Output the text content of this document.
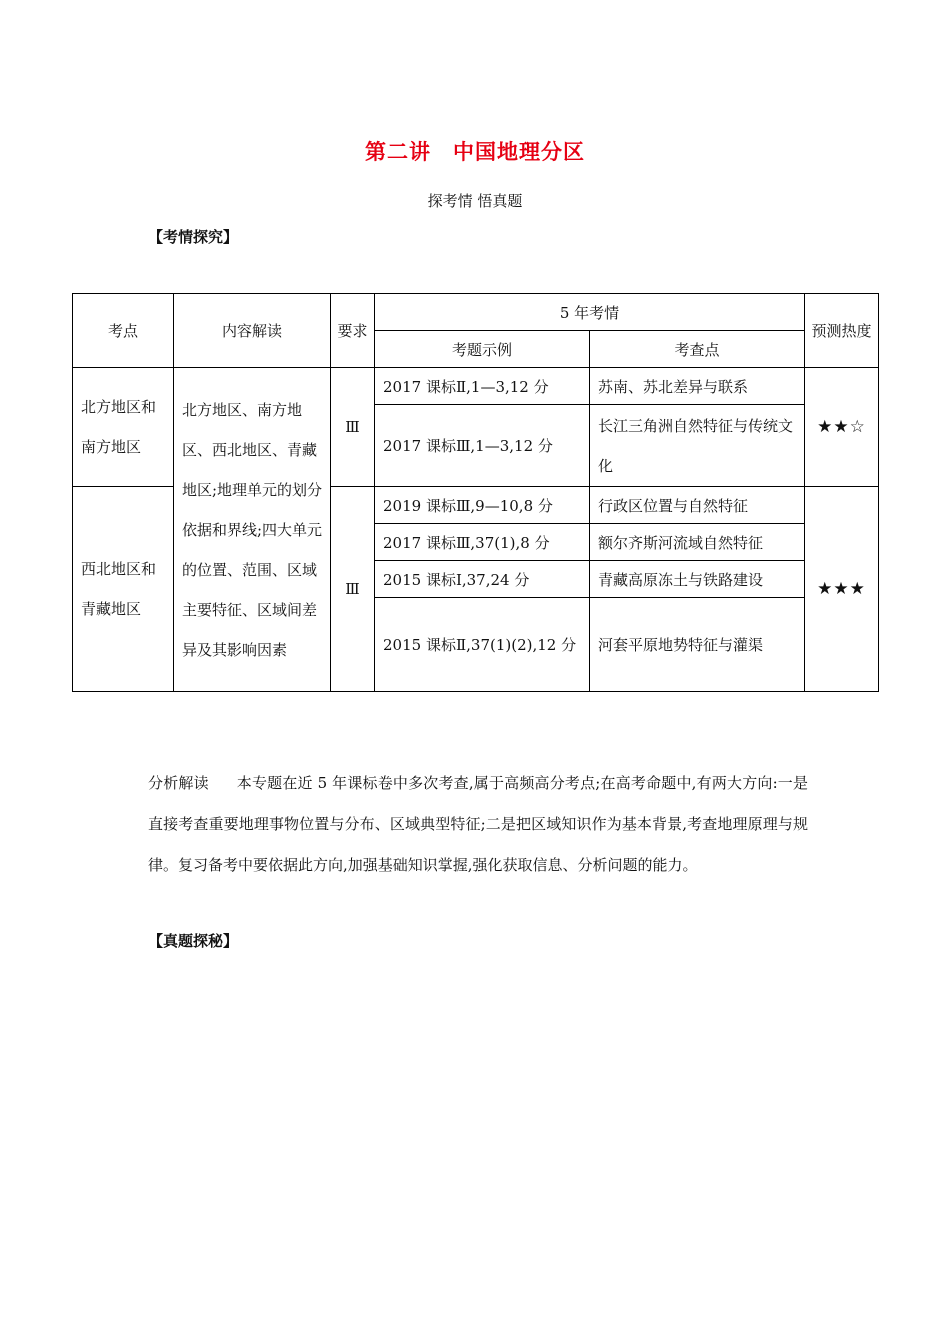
第二讲　中国地理分区
探考情 悟真题
【考情探究】
考点	内容解读	要求	5 年考情		预测热度
			考题示例	考查点	
北方地区和南方地区	北方地区、南方地区、西北地区、青藏地区;地理单元的划分依据和界线;四大单元的位置、范围、区域主要特征、区域间差异及其影响因素	Ⅲ	2017 课标Ⅱ,1—3,12 分	苏南、苏北差异与联系	★★☆
			2017 课标Ⅲ,1—3,12 分	长江三角洲自然特征与传统文化	
西北地区和青藏地区		Ⅲ	2019 课标Ⅲ,9—10,8 分	行政区位置与自然特征	★★★
			2017 课标Ⅲ,37(1),8 分	额尔齐斯河流域自然特征	
			2015 课标Ⅰ,37,24 分	青藏高原冻土与铁路建设	
			2015 课标Ⅱ,37(1)(2),12 分	河套平原地势特征与灌渠	
分析解读 本专题在近 5 年课标卷中多次考查,属于高频高分考点;在高考命题中,有两大方向:一是直接考查重要地理事物位置与分布、区域典型特征;二是把区域知识作为基本背景,考查地理原理与规律。复习备考中要依据此方向,加强基础知识掌握,强化获取信息、分析问题的能力。
【真题探秘】
